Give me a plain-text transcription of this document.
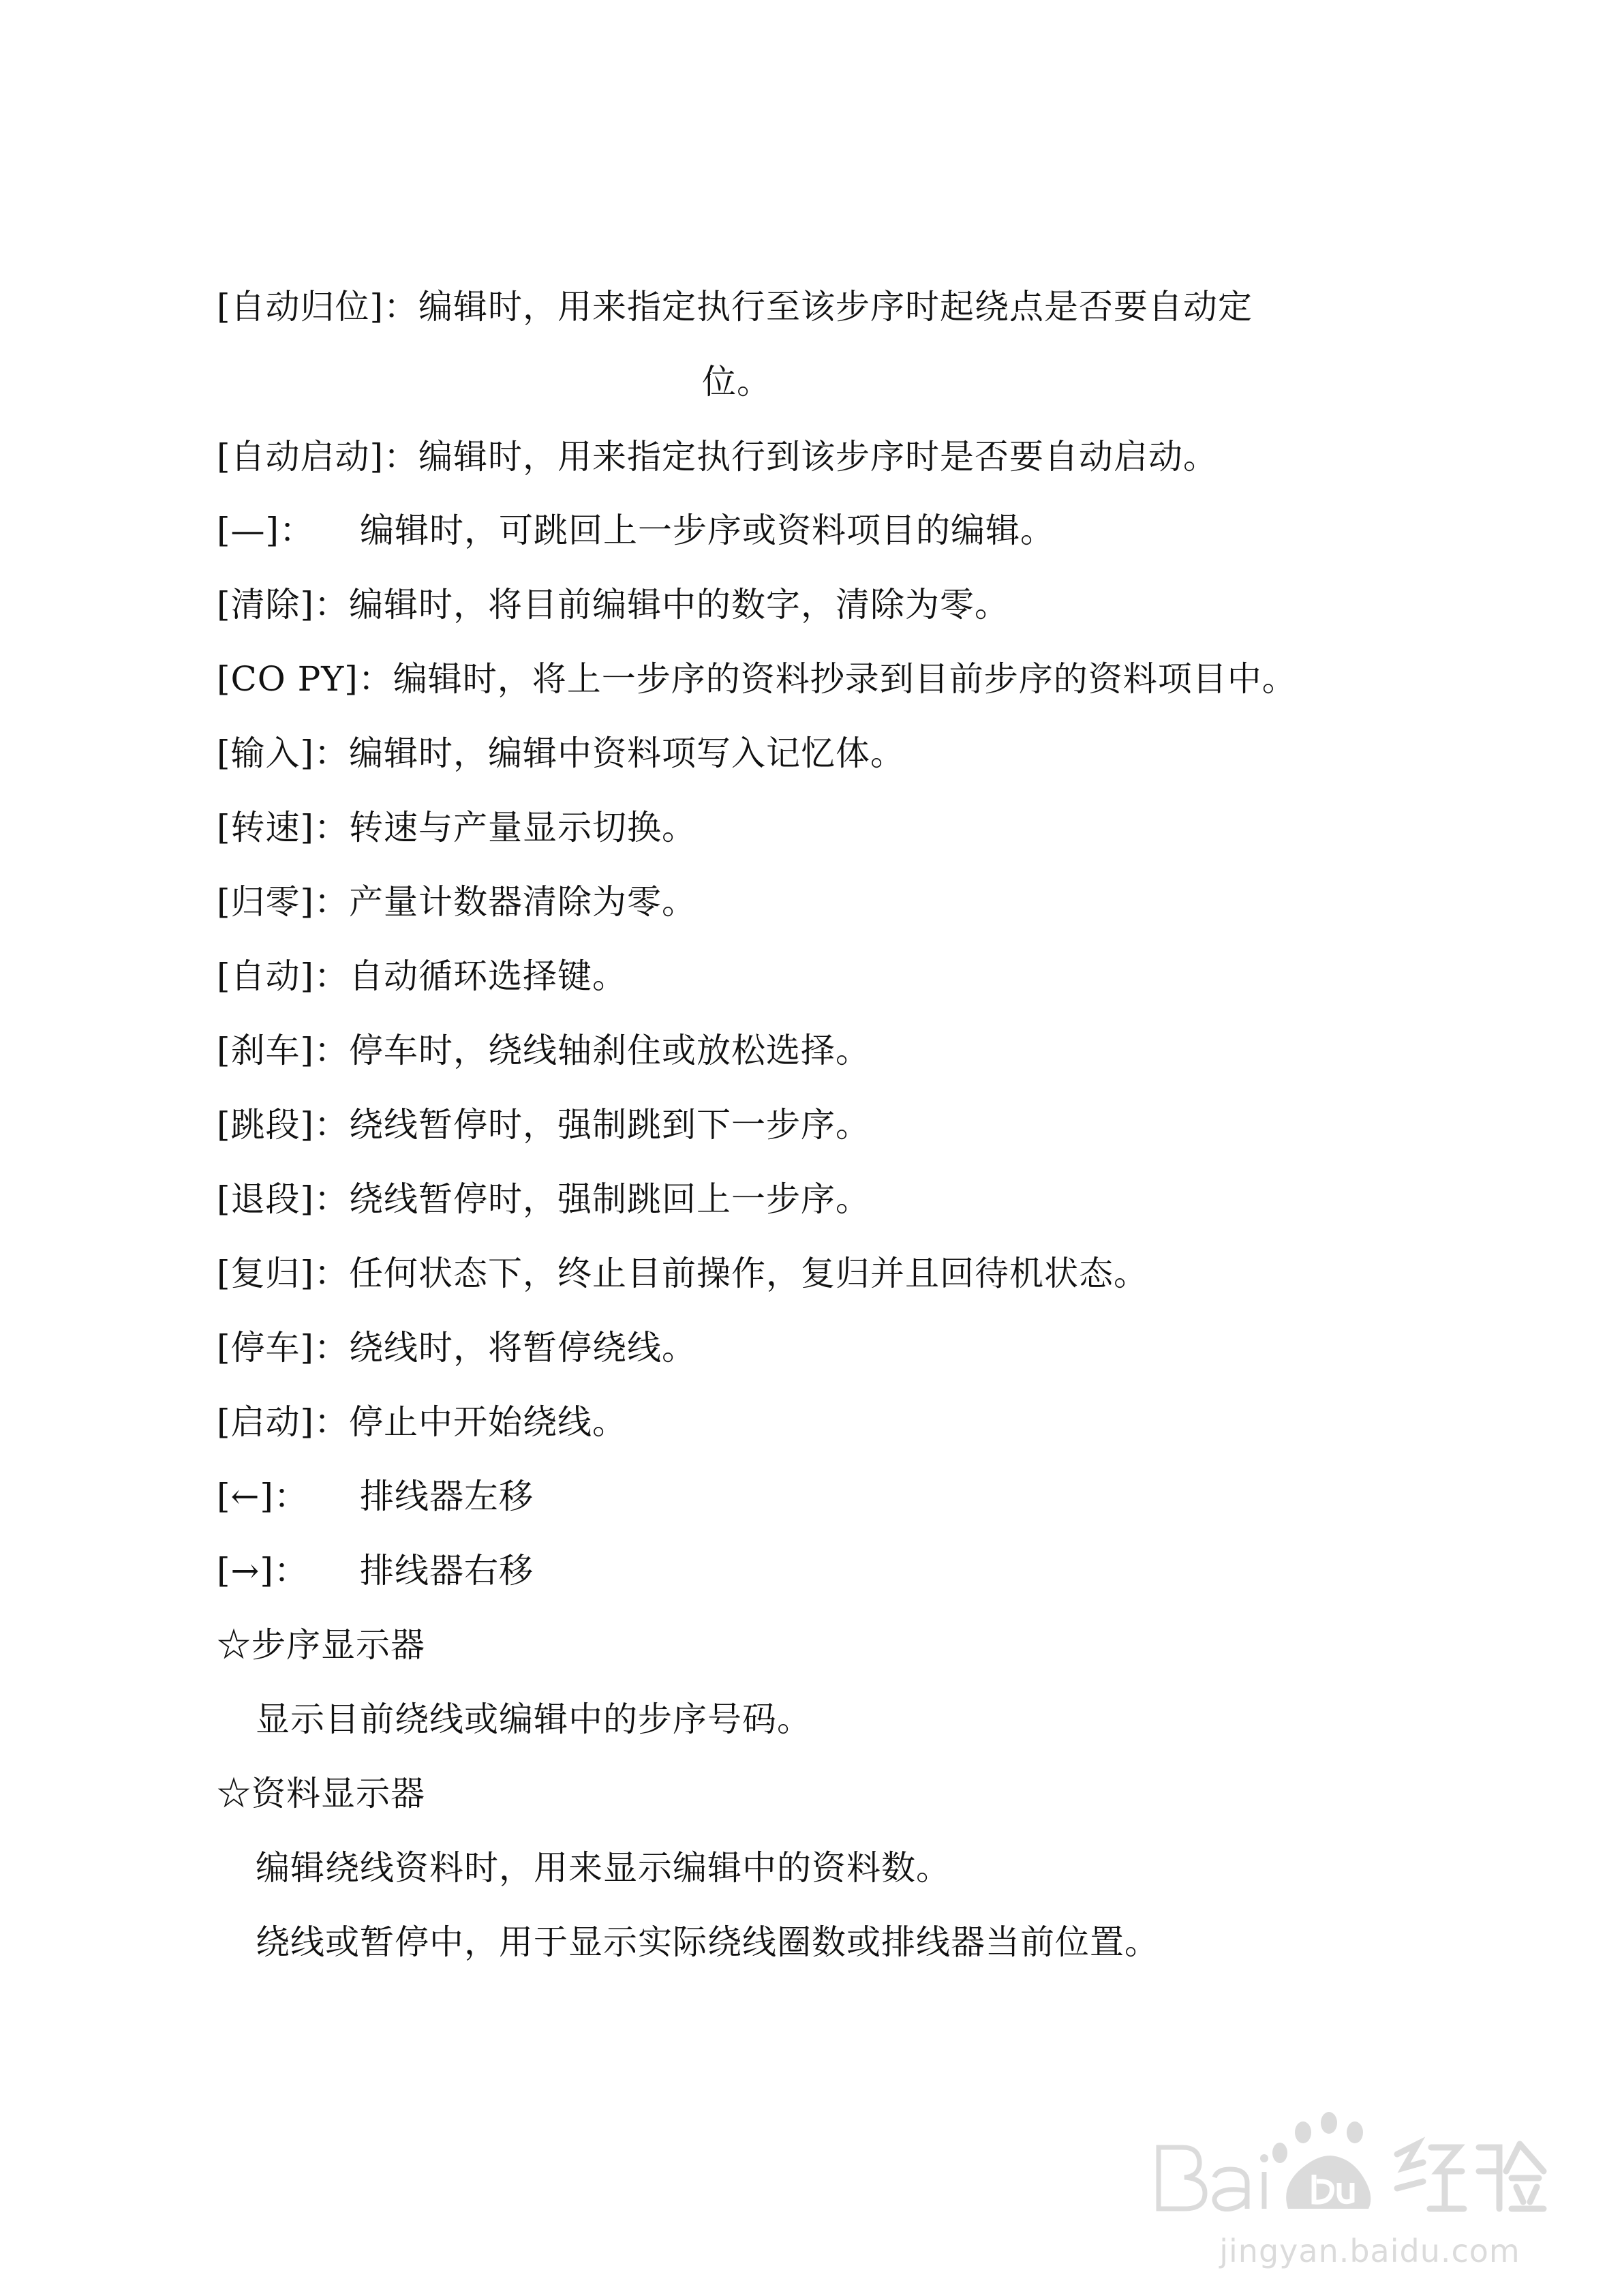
[自动归位]：编辑时，用来指定执行至该步序时起绕点是否要自动定
位。
[自动启动]：编辑时，用来指定执行到该步序时是否要自动启动。
[—]： 编辑时，可跳回上一步序或资料项目的编辑。
[清除]：编辑时，将目前编辑中的数字，清除为零。
[CO PY]：编辑时，将上一步序的资料抄录到目前步序的资料项目中。
[输入]：编辑时，编辑中资料项写入记忆体。
[转速]：转速与产量显示切换。
[归零]：产量计数器清除为零。
[自动]：自动循环选择键。
[刹车]：停车时，绕线轴刹住或放松选择。
[跳段]：绕线暂停时，强制跳到下一步序。
[退段]：绕线暂停时，强制跳回上一步序。
[复归]：任何状态下，终止目前操作，复归并且回待机状态。
[停车]：绕线时，将暂停绕线。
[启动]：停止中开始绕线。
[←]： 排线器左移
[→]： 排线器右移
☆步序显示器
显示目前绕线或编辑中的步序号码。
☆资料显示器
编辑绕线资料时，用来显示编辑中的资料数。
绕线或暂停中，用于显示实际绕线圈数或排线器当前位置。
jingyan.baidu.com
